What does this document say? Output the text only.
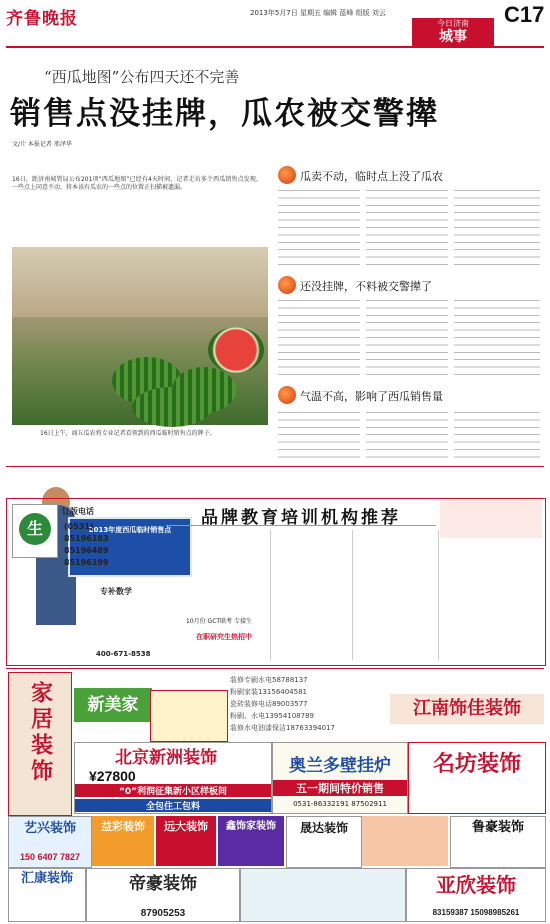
齐鲁晚报	2013年5月7日 星期五 编辑 蓝峰 组版 刘云	C17
今日济南
城事
“西瓜地图”公布四天还不完善
销售点没挂牌，瓜农被交警撵
文/片 本报记者 邢泽华
16日，距济南城管局公布201项“西瓜地图”已经有4天时间，记者走访多个西瓜销售点发现，一些点上同意不动，将本该有瓜农的一些点的位置正扫描被遗漏。
2013年度西瓜临时销售点
16日上午，商丘瓜农将专业记者看领到的西瓜临时销售点的牌子。
瓜卖不动，临时点上没了瓜农
还没挂牌，不料被交警撵了
气温不高，影响了西瓜销售量
生
订版电话
(0531)
85196183
85196489
85196199
品牌教育培训机构推荐
专补数学
400-671-8538
10月份 GCT联考 专接生
在职研究生热招中
家居装饰	新美家
装修专刷水电58788137
粉刷家装13156404581
瓷砖装修电话89003577
粉刷、水电13954108789
装修水电油漆保洁18763394017
江南饰佳装饰
北京新洲装饰
¥27800
“0”利润征集新小区样板间
全包住工包料
奥兰多壁挂炉
五一期间特价销售
0531-86332191 87502911
名坊装饰
艺兴装饰
150 6407 7827
益彩装饰	远大装饰	鑫饰家装饰	晟达装饰	鲁豪装饰
汇康装饰	帝豪装饰
87905253
亚欣装饰
83159387 15098985261
